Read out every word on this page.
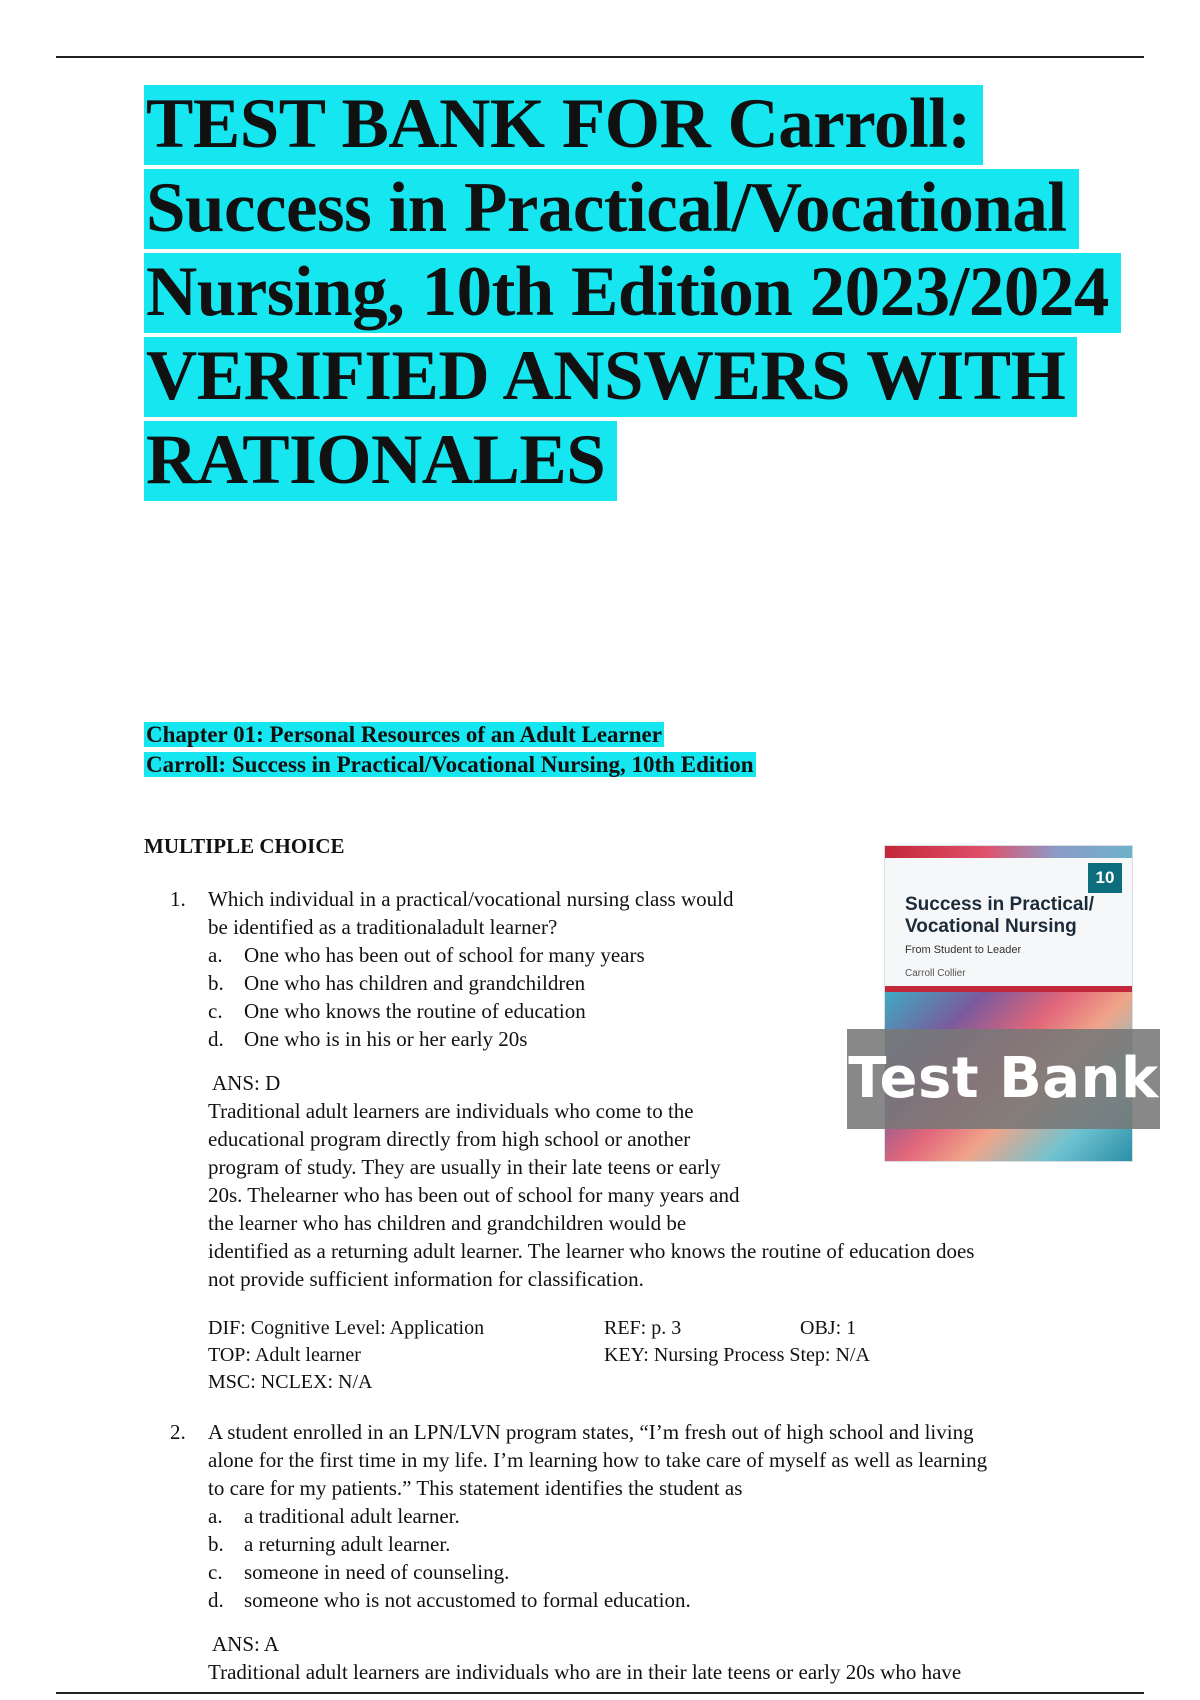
TEST BANK FOR Carroll:
Success in Practical/Vocational
Nursing, 10th Edition 2023/2024
VERIFIED ANSWERS WITH
RATIONALES
Chapter 01: Personal Resources of an Adult Learner
Carroll: Success in Practical/Vocational Nursing, 10th Edition
MULTIPLE CHOICE
1. Which individual in a practical/vocational nursing class would
be identified as a traditionaladult learner?
a.	One who has been out of school for many years
b. One who has children and grandchildren
c.	One who knows the routine of education
d. One who is in his or her early 20s
ANS: D
Traditional adult learners are individuals who come to the
educational program directly from high school or another
program of study. They are usually in their late teens or early
20s. Thelearner who has been out of school for many years and
the learner who has children and grandchildren would be
identified as a returning adult learner. The learner who knows the routine of education does
not provide sufficient information for classification.
DIF: Cognitive Level: Application	REF: p. 3	OBJ: 1
TOP: Adult learner	KEY: Nursing Process Step: N/A
MSC: NCLEX: N/A
10
Success in Practical/
Vocational Nursing
From Student to Leader
Carroll Collier
Test Bank
2. A student enrolled in an LPN/LVN program states, “I’m fresh out of high school and living
alone for the first time in my life. I’m learning how to take care of myself as well as learning
to care for my patients.” This statement identifies the student as
a.	a traditional adult learner.
b. a returning adult learner.
c.	someone in need of counseling.
d. someone who is not accustomed to formal education.
ANS: A
Traditional adult learners are individuals who are in their late teens or early 20s who have
